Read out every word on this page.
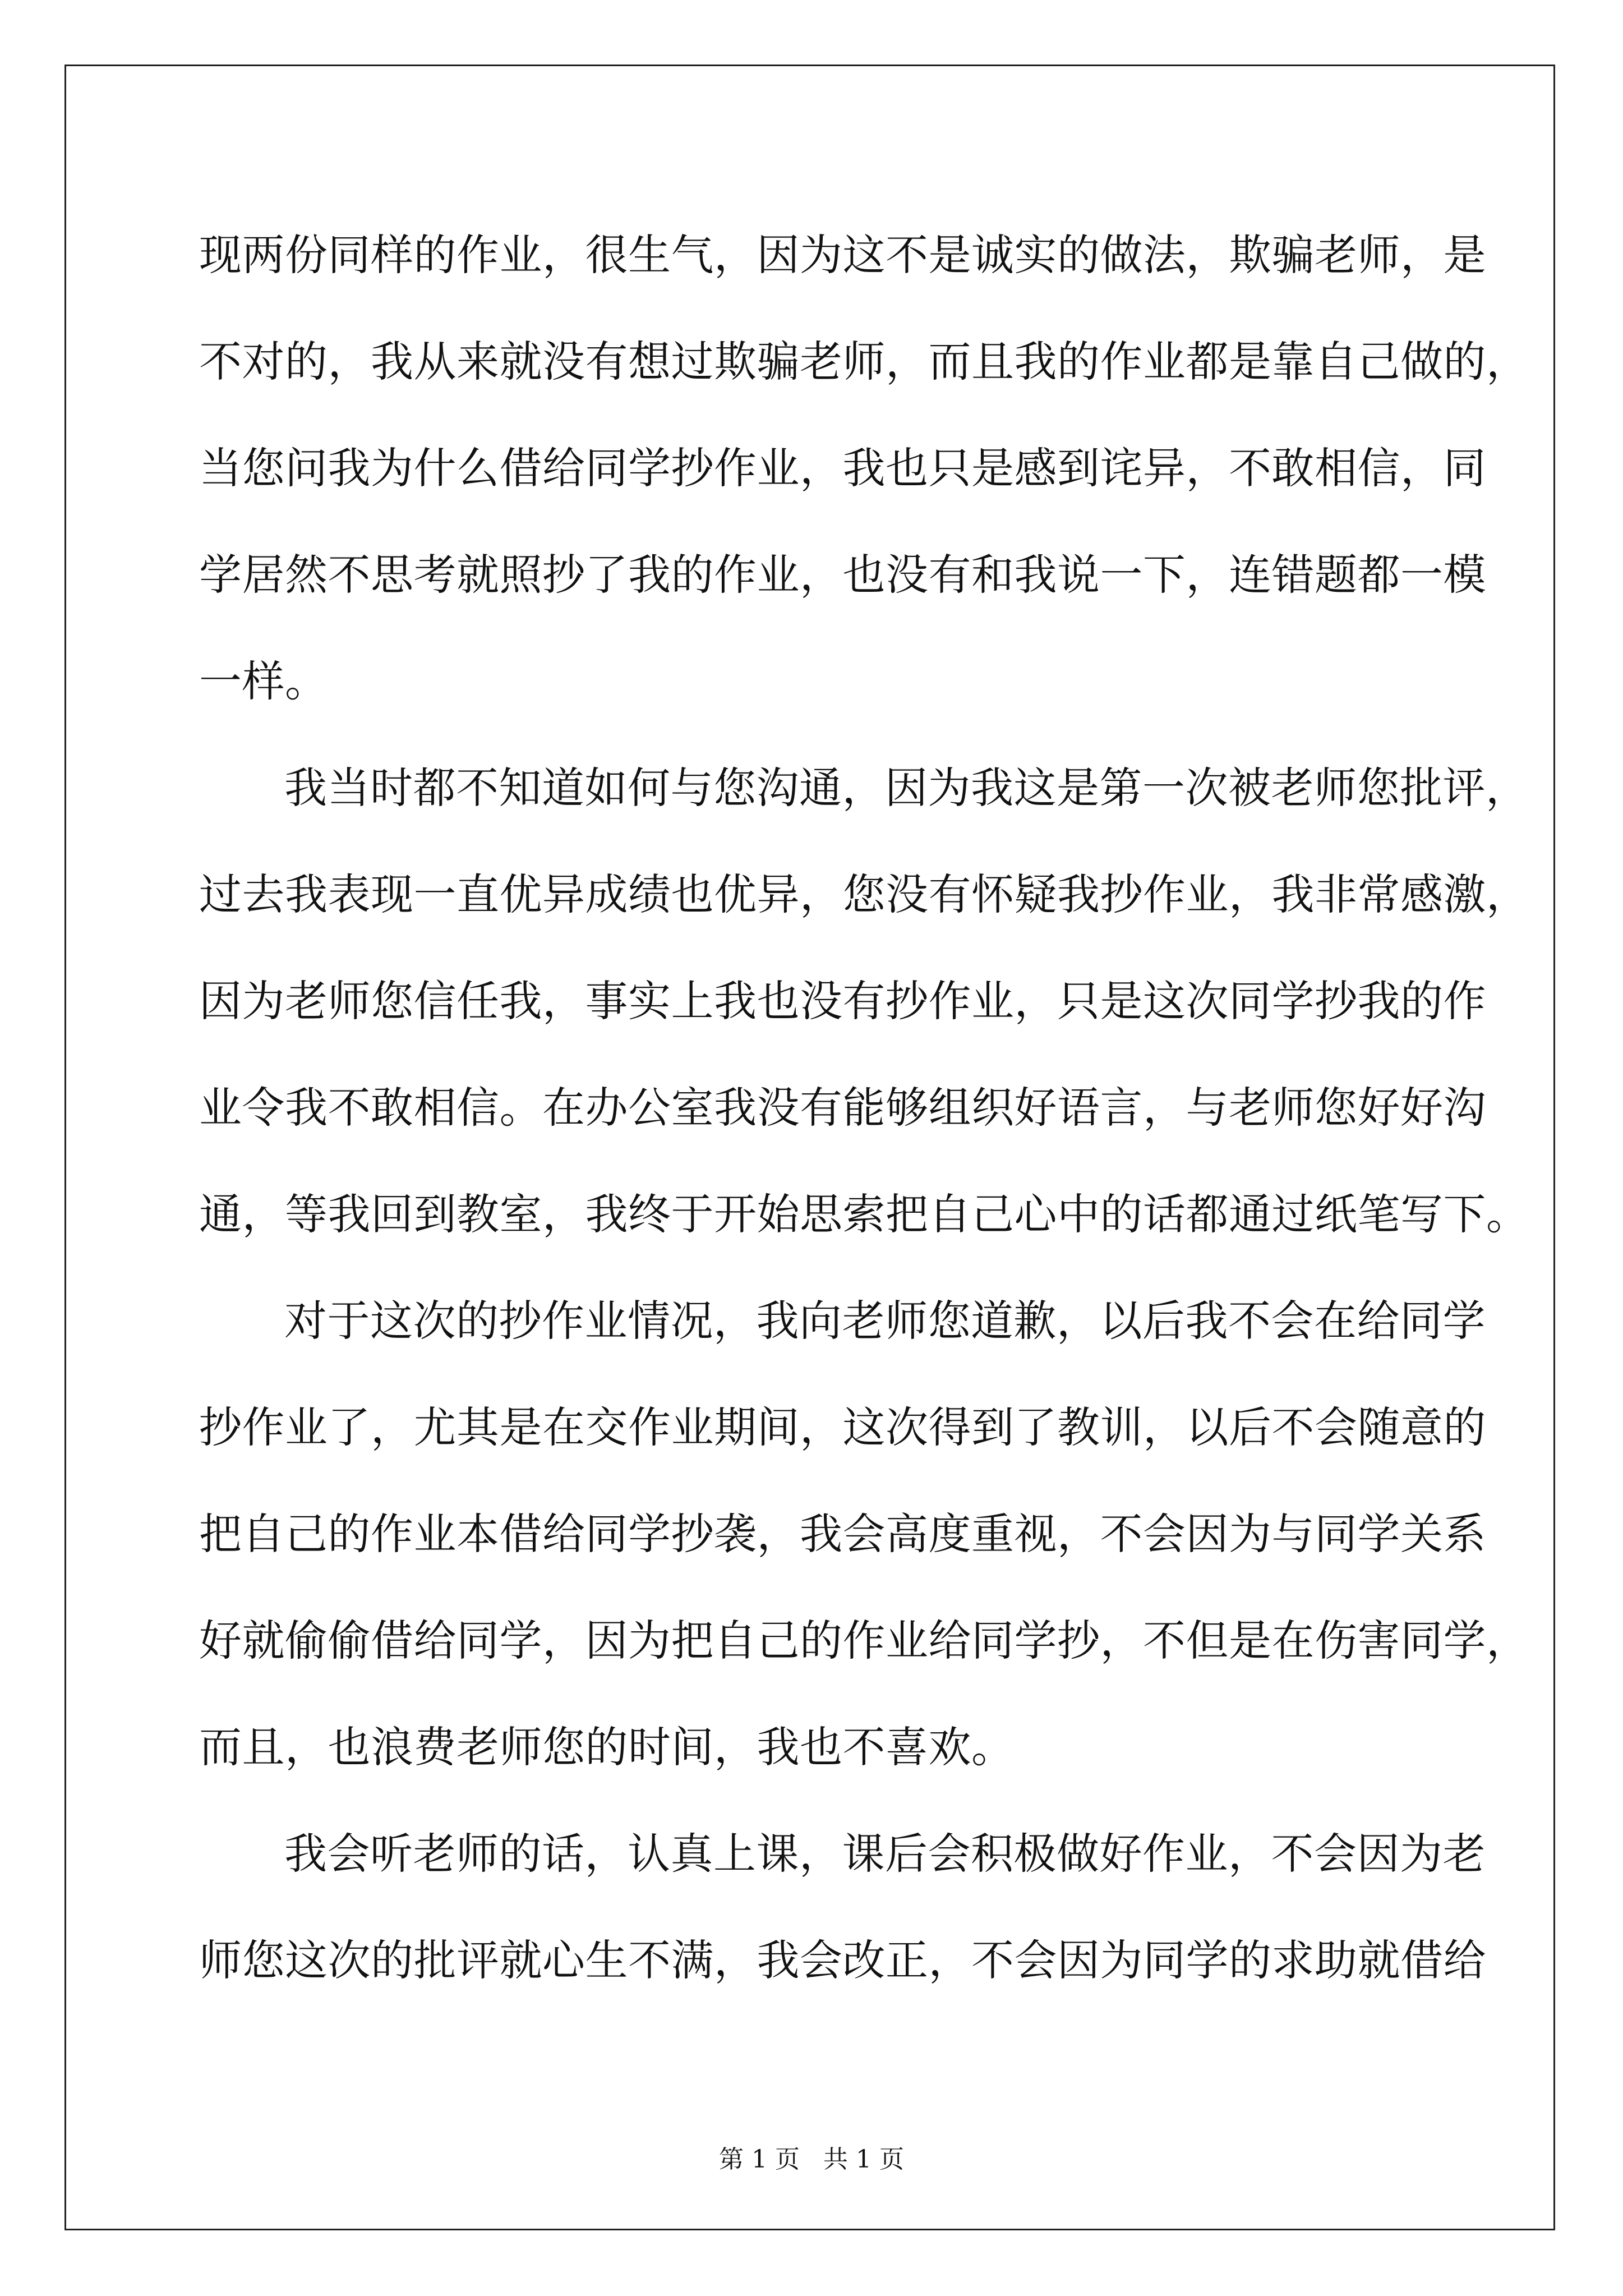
现两份同样的作业，很生气，因为这不是诚实的做法，欺骗老师，是
不对的，我从来就没有想过欺骗老师，而且我的作业都是靠自己做的，
当您问我为什么借给同学抄作业，我也只是感到诧异，不敢相信，同
学居然不思考就照抄了我的作业，也没有和我说一下，连错题都一模
一样。
我当时都不知道如何与您沟通，因为我这是第一次被老师您批评，
过去我表现一直优异成绩也优异，您没有怀疑我抄作业，我非常感激，
因为老师您信任我，事实上我也没有抄作业，只是这次同学抄我的作
业令我不敢相信。在办公室我没有能够组织好语言，与老师您好好沟
通，等我回到教室，我终于开始思索把自己心中的话都通过纸笔写下。
对于这次的抄作业情况，我向老师您道歉，以后我不会在给同学
抄作业了，尤其是在交作业期间，这次得到了教训，以后不会随意的
把自己的作业本借给同学抄袭，我会高度重视，不会因为与同学关系
好就偷偷借给同学，因为把自己的作业给同学抄，不但是在伤害同学，
而且，也浪费老师您的时间，我也不喜欢。
我会听老师的话，认真上课，课后会积极做好作业，不会因为老
师您这次的批评就心生不满，我会改正，不会因为同学的求助就借给
第 1 页   共 1 页
